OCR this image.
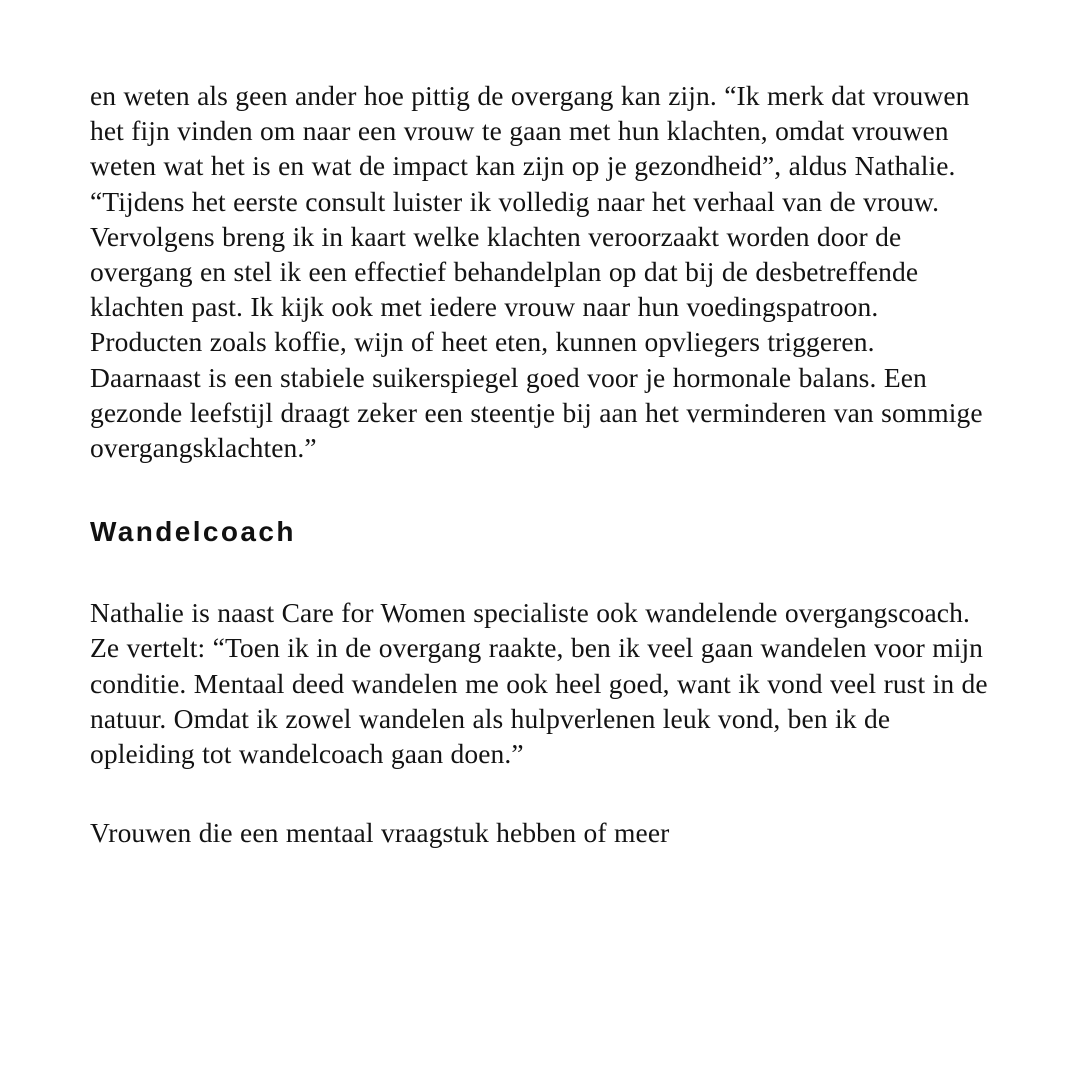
en weten als geen ander hoe pittig de overgang kan zijn. “Ik merk dat vrouwen het fijn vinden om naar een vrouw te gaan met hun klachten, omdat vrouwen weten wat het is en wat de impact kan zijn op je gezondheid”, aldus Nathalie. “Tijdens het eerste consult luister ik volledig naar het verhaal van de vrouw. Vervolgens breng ik in kaart welke klachten veroorzaakt worden door de overgang en stel ik een effectief behandelplan op dat bij de desbetreffende klachten past. Ik kijk ook met iedere vrouw naar hun voedingspatroon. Producten zoals koffie, wijn of heet eten, kunnen opvliegers triggeren. Daarnaast is een stabiele suikerspiegel goed voor je hormonale balans. Een gezonde leefstijl draagt zeker een steentje bij aan het verminderen van sommige overgangsklachten.”

Wandelcoach

Nathalie is naast Care for Women specialiste ook wandelende overgangscoach. Ze vertelt: “Toen ik in de overgang raakte, ben ik veel gaan wandelen voor mijn conditie. Mentaal deed wandelen me ook heel goed, want ik vond veel rust in de natuur. Omdat ik zowel wandelen als hulpverlenen leuk vond, ben ik de opleiding tot wandelcoach gaan doen.”

Vrouwen die een mentaal vraagstuk hebben of meer
